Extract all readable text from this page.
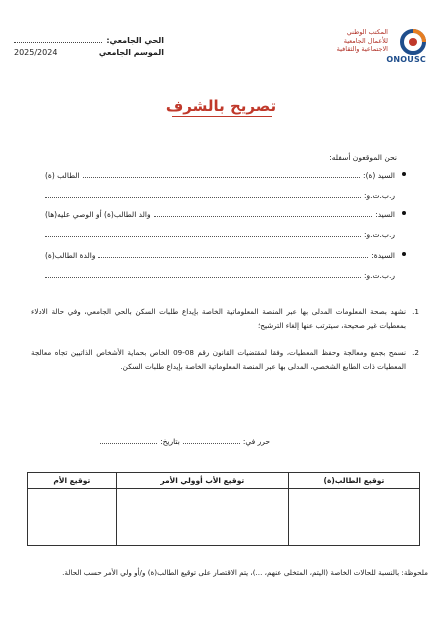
ONOUSC
المكتب الوطني
للأعمال الجامعية
الاجتماعية والثقافية
الحي الجامعي:
الموسم الجامعي
2025/2024
تصريح بالشرف
نحن الموقعون أسفله:
السيد (ة):
الطالب (ة)
ر.ب.ت.و:
السيد:
والد الطالب(ة) أو الوصي عليه(ها)
ر.ب.ت.و:
السيدة:
والدة الطالب(ة)
ر.ب.ت.و:
1.
نشهد بصحة المعلومات المدلى بها عبر المنصة المعلوماتية الخاصة بإيداع طلبات السكن بالحي الجامعي، وفي حالة الادلاء بمعطيات غير صحيحة، سيترتب عنها إلغاء الترشيح؛
2.
نسمح بجمع ومعالجة وحفظ المعطيات، وفقا لمقتضيات القانون رقم 08-09 الخاص بحماية الأشخاص الذاتيين تجاه معالجة المعطيات ذات الطابع الشخصي، المدلى بها عبر المنصة المعلوماتية الخاصة بإيداع طلبات السكن.
حرر في:
بتاريخ:
توقيع الطالب(ة)	توقيع الأب أوولي الأمر	توقيع الأم

ملحوظة: بالنسبة للحالات الخاصة (اليتم، المتخلى عنهم، ...)، يتم الاقتصار على توقيع الطالب(ة) و/أو ولي الأمر حسب الحالة.
